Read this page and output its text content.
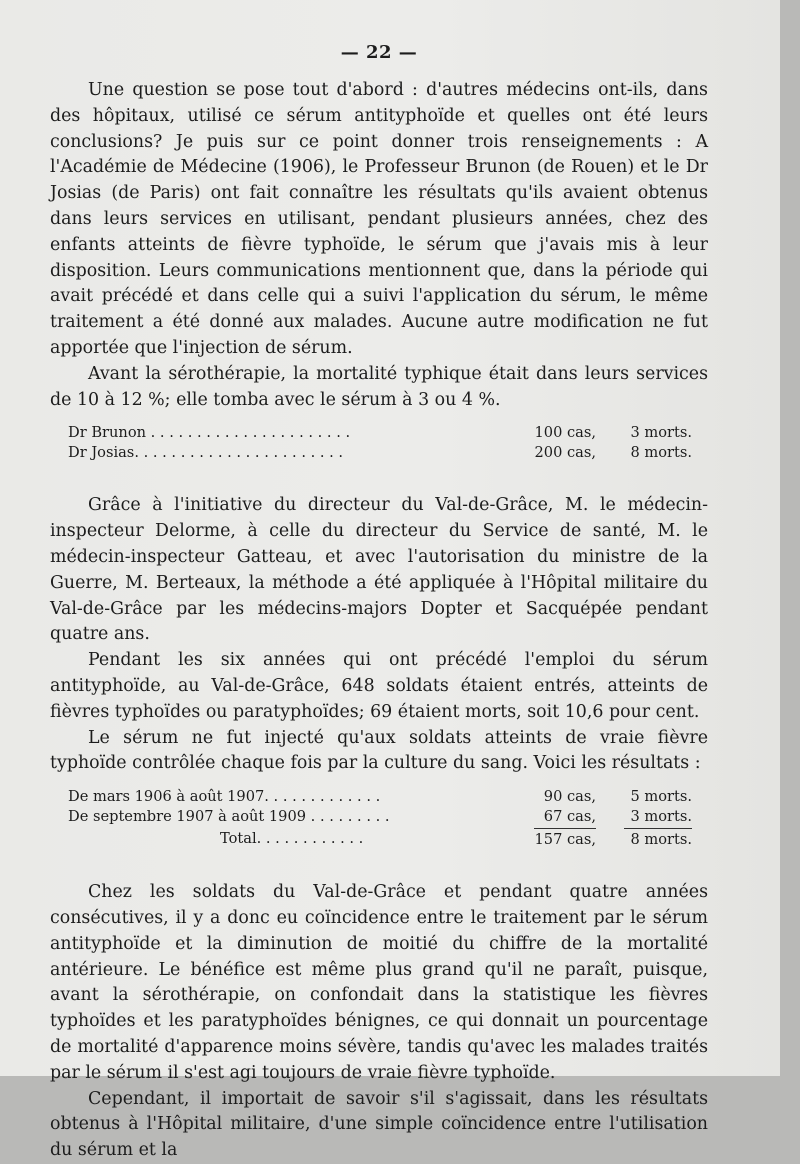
— 22 —

Une question se pose tout d'abord : d'autres médecins ont-ils, dans des hôpitaux, utilisé ce sérum antityphoïde et quelles ont été leurs conclusions? Je puis sur ce point donner trois renseignements : A l'Académie de Médecine (1906), le Professeur Brunon (de Rouen) et le Dr Josias (de Paris) ont fait connaître les résultats qu'ils avaient obtenus dans leurs services en utilisant, pendant plusieurs années, chez des enfants atteints de fièvre typhoïde, le sérum que j'avais mis à leur disposition. Leurs communications mentionnent que, dans la période qui avait précédé et dans celle qui a suivi l'application du sérum, le même traitement a été donné aux malades. Aucune autre modification ne fut apportée que l'injection de sérum.

Avant la sérothérapie, la mortalité typhique était dans leurs services de 10 à 12 %; elle tomba avec le sérum à 3 ou 4 %.

Dr Brunon . . . . . . . . . . . . . . . . . . . . . .	100 cas,	3 morts.
Dr Josias. . . . . . . . . . . . . . . . . . . . . . .	200 cas,	8 morts.

Grâce à l'initiative du directeur du Val-de-Grâce, M. le médecin-inspecteur Delorme, à celle du directeur du Service de santé, M. le médecin-inspecteur Gatteau, et avec l'autorisation du ministre de la Guerre, M. Berteaux, la méthode a été appliquée à l'Hôpital militaire du Val-de-Grâce par les médecins-majors Dopter et Sacquépée pendant quatre ans.

Pendant les six années qui ont précédé l'emploi du sérum antityphoïde, au Val-de-Grâce, 648 soldats étaient entrés, atteints de fièvres typhoïdes ou paratyphoïdes; 69 étaient morts, soit 10,6 pour cent.

Le sérum ne fut injecté qu'aux soldats atteints de vraie fièvre typhoïde contrôlée chaque fois par la culture du sang. Voici les résultats :

De mars 1906 à août 1907. . . . . . . . . . . . .	90 cas,	5 morts.
De septembre 1907 à août 1909 . . . . . . . . .	67 cas,	3 morts.
Total. . . . . . . . . . . .	157 cas,	8 morts.

Chez les soldats du Val-de-Grâce et pendant quatre années consécutives, il y a donc eu coïncidence entre le traitement par le sérum antityphoïde et la diminution de moitié du chiffre de la mortalité antérieure. Le bénéfice est même plus grand qu'il ne paraît, puisque, avant la sérothérapie, on confondait dans la statistique les fièvres typhoïdes et les paratyphoïdes bénignes, ce qui donnait un pourcentage de mortalité d'apparence moins sévère, tandis qu'avec les malades traités par le sérum il s'est agi toujours de vraie fièvre typhoïde.

Cependant, il importait de savoir s'il s'agissait, dans les résultats obtenus à l'Hôpital militaire, d'une simple coïncidence entre l'utilisation du sérum et la
